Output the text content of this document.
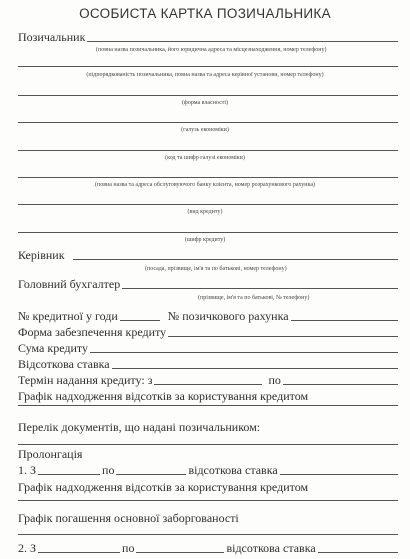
ОСОБИСТА КАРТКА ПОЗИЧАЛЬНИКА
Позичальник
(повна назва позичальника, його юридична адреса та місцезнаходження, номер телефону)
(підпорядкованість позичальника, повна назва та адреса керівної установи, номер телефону)
(форма власності)
(галузь економіки)
(код та шифр галузі економіки)
(повна назва та адреса обслуговуючого банку клієнта, номер розрахункового рахунка)
(вид кредиту)
(шифр кредиту)
Керівник
(посада, прізвище, ім'я та по батькові, номер телефону)
Головний бухгалтер
(прізвище, ім'я та по батькові, № телефону)
№ кредитної у годи	№ позичкового рахунка
Форма забезпечення кредиту
Сума кредиту
Відсоткова ставка
Термін надання кредиту: з	по
Графік надходження відсотків за користування кредитом
Перелік документів, що надані позичальником:
Пролонгація
1. З	по	відсоткова ставка
Графік надходження відсотків за користування кредитом
Графік погашення основної заборгованості
2. З	по	відсоткова ставка
